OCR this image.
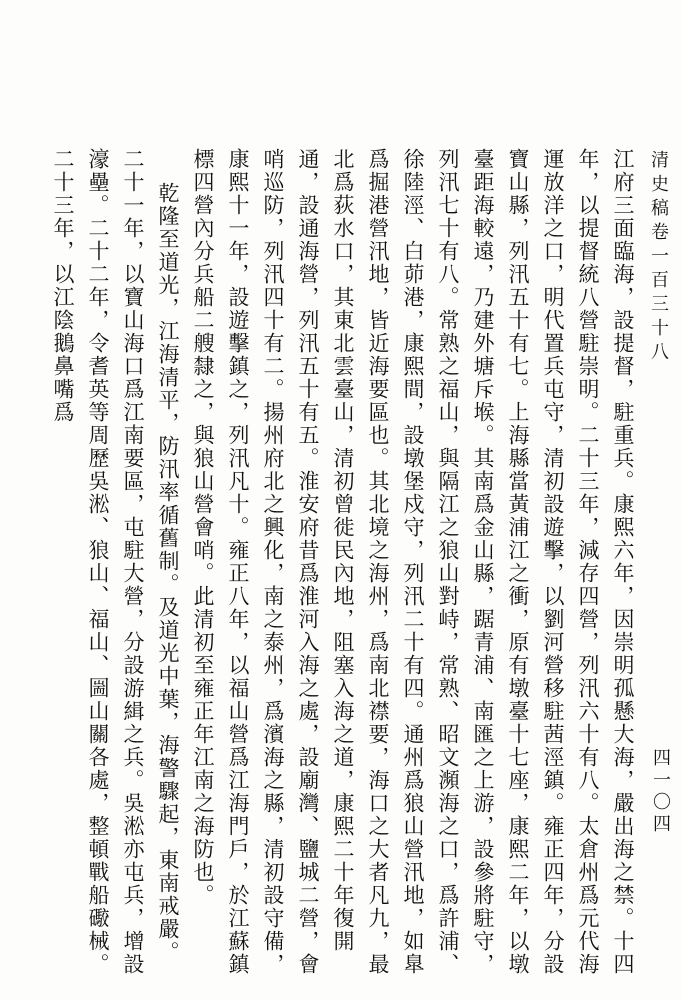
清史稿卷一百三十八
四一〇四

江府三面臨海，設提督，駐重兵。康熙六年，因崇明孤懸大海，嚴出海之禁。十四年，以提督統八營駐崇明。二十三年，減存四營，列汛六十有八。太倉州爲元代海運放洋之口，明代置兵屯守，清初設遊擊，以劉河營移駐茜涇鎮。雍正四年，分設寶山縣，列汛五十有七。上海縣當黃浦江之衝，原有墩臺十七座，康熙二年，以墩臺距海較遠，乃建外塘斥堠。其南爲金山縣，踞青浦、南匯之上游，設參將駐守，列汛七十有八。常熟之福山，與隔江之狼山對峙，常熟、昭文瀕海之口，爲許浦、徐陸涇、白茆港，康熙間，設墩堡戍守，列汛二十有四。通州爲狼山營汛地，如臯爲掘港營汛地，皆近海要區也。其北境之海州，爲南北襟要，海口之大者凡九，最北爲荻水口，其東北雲臺山，清初曾徙民內地，阻塞入海之道，康熙二十年復開通，設通海營，列汛五十有五。淮安府昔爲淮河入海之處，設廟灣、鹽城二營，會哨巡防，列汛四十有二。揚州府北之興化，南之泰州，爲濱海之縣，清初設守備，康熙十一年，設遊擊鎮之，列汛凡十。雍正八年，以福山營爲江海門戶，於江蘇鎮標四營內分兵船二艘隸之，與狼山營會哨。此清初至雍正年江南之海防也。

乾隆至道光，江海清平，防汛率循舊制。及道光中葉，海警驟起，東南戒嚴。二十一年，以寶山海口爲江南要區，屯駐大營，分設游緝之兵。吳淞亦屯兵，增設濠壘。二十二年，令耆英等周歷吳淞、狼山、福山、圌山關各處，整頓戰船礮械。二十三年，以江陰鵝鼻嘴爲
